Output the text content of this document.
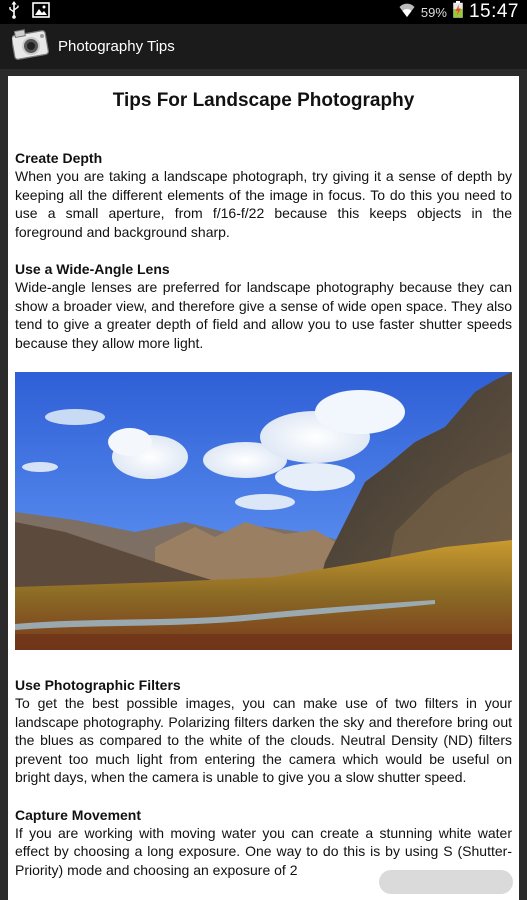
59% 15:47
Photography Tips
Tips For Landscape Photography
Create Depth
When you are taking a landscape photograph, try giving it a sense of depth by keeping all the different elements of the image in focus. To do this you need to use a small aperture, from f/16-f/22 because this keeps objects in the foreground and background sharp.
Use a Wide-Angle Lens
Wide-angle lenses are preferred for landscape photography because they can show a broader view, and therefore give a sense of wide open space. They also tend to give a greater depth of field and allow you to use faster shutter speeds because they allow more light.
Use Photographic Filters
To get the best possible images, you can make use of two filters in your landscape photography. Polarizing filters darken the sky and therefore bring out the blues as compared to the white of the clouds. Neutral Density (ND) filters prevent too much light from entering the camera which would be useful on bright days, when the camera is unable to give you a slow shutter speed.
Capture Movement
If you are working with moving water you can create a stunning white water effect by choosing a long exposure. One way to do this is by using S (Shutter-Priority) mode and choosing an exposure of 2
